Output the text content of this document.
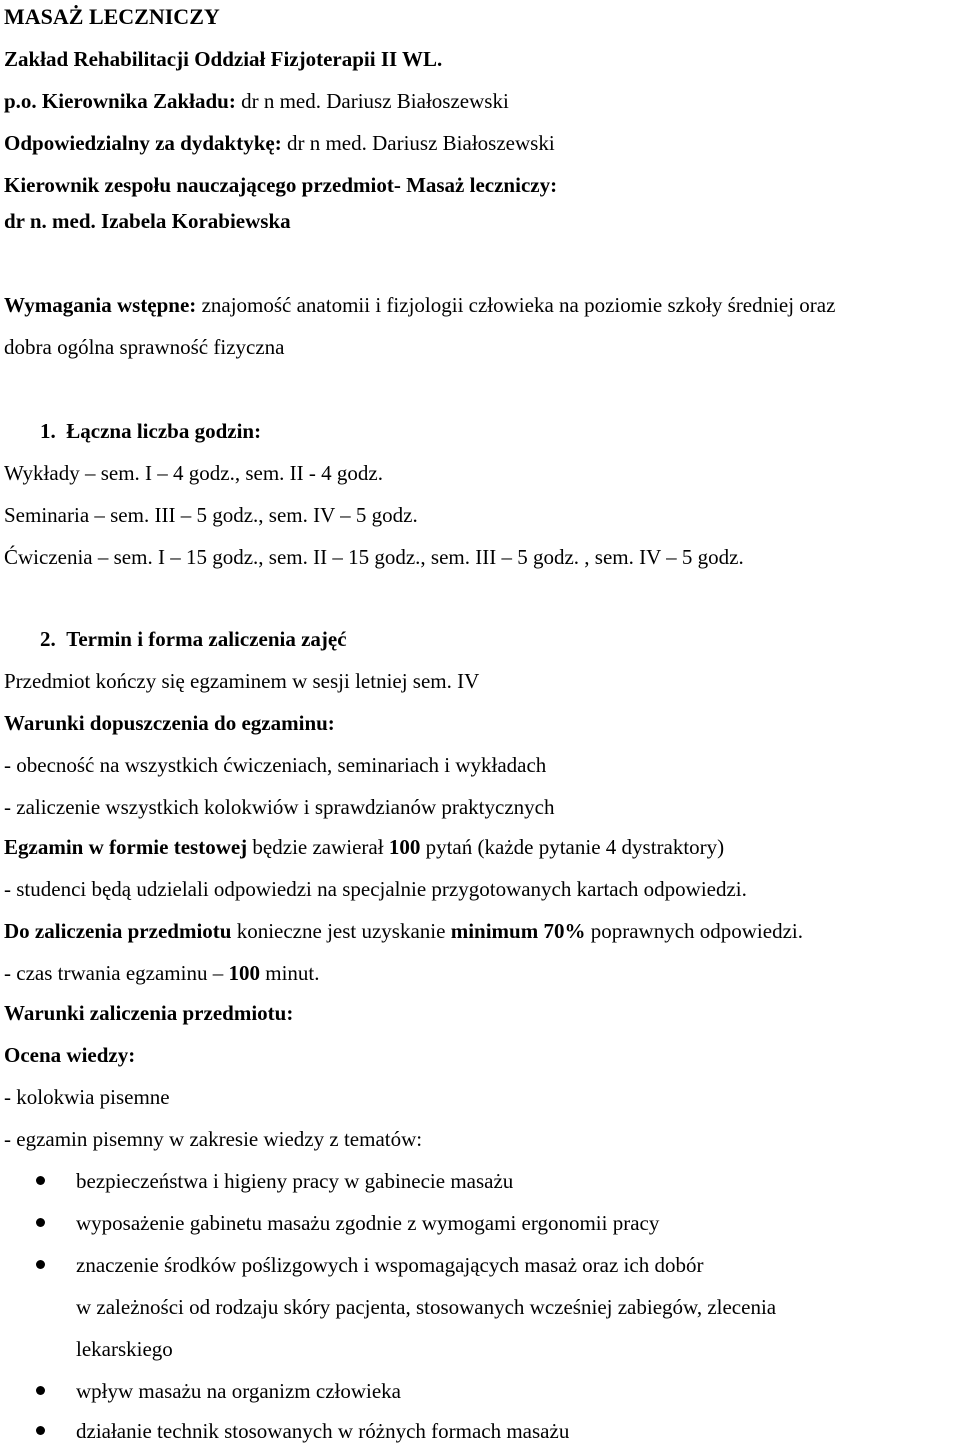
MASAŻ LECZNICZY
Zakład Rehabilitacji Oddział Fizjoterapii II WL.
p.o. Kierownika Zakładu: dr n med. Dariusz Białoszewski
Odpowiedzialny za dydaktykę: dr n med. Dariusz Białoszewski
Kierownik zespołu nauczającego przedmiot- Masaż leczniczy:
dr n. med. Izabela Korabiewska
Wymagania wstępne: znajomość anatomii i fizjologii człowieka na poziomie szkoły średniej oraz
dobra ogólna sprawność fizyczna
1. Łączna liczba godzin:
Wykłady – sem. I – 4 godz., sem. II - 4 godz.
Seminaria – sem. III – 5 godz., sem. IV – 5 godz.
Ćwiczenia – sem. I – 15 godz., sem. II – 15 godz., sem. III – 5 godz. , sem. IV – 5 godz.
2. Termin i forma zaliczenia zajęć
Przedmiot kończy się egzaminem w sesji letniej sem. IV
Warunki dopuszczenia do egzaminu:
- obecność na wszystkich ćwiczeniach, seminariach i wykładach
- zaliczenie wszystkich kolokwiów i sprawdzianów praktycznych
Egzamin w formie testowej będzie zawierał 100 pytań (każde pytanie 4 dystraktory)
- studenci będą udzielali odpowiedzi na specjalnie przygotowanych kartach odpowiedzi.
Do zaliczenia przedmiotu konieczne jest uzyskanie minimum 70% poprawnych odpowiedzi.
- czas trwania egzaminu – 100 minut.
Warunki zaliczenia przedmiotu:
Ocena wiedzy:
- kolokwia pisemne
- egzamin pisemny w zakresie wiedzy z tematów:
bezpieczeństwa i higieny pracy w gabinecie masażu
wyposażenie gabinetu masażu zgodnie z wymogami ergonomii pracy
znaczenie środków poślizgowych i wspomagających masaż oraz ich dobór
w zależności od rodzaju skóry pacjenta, stosowanych wcześniej zabiegów, zlecenia
lekarskiego
wpływ masażu na organizm człowieka
działanie technik stosowanych w różnych formach masażu
